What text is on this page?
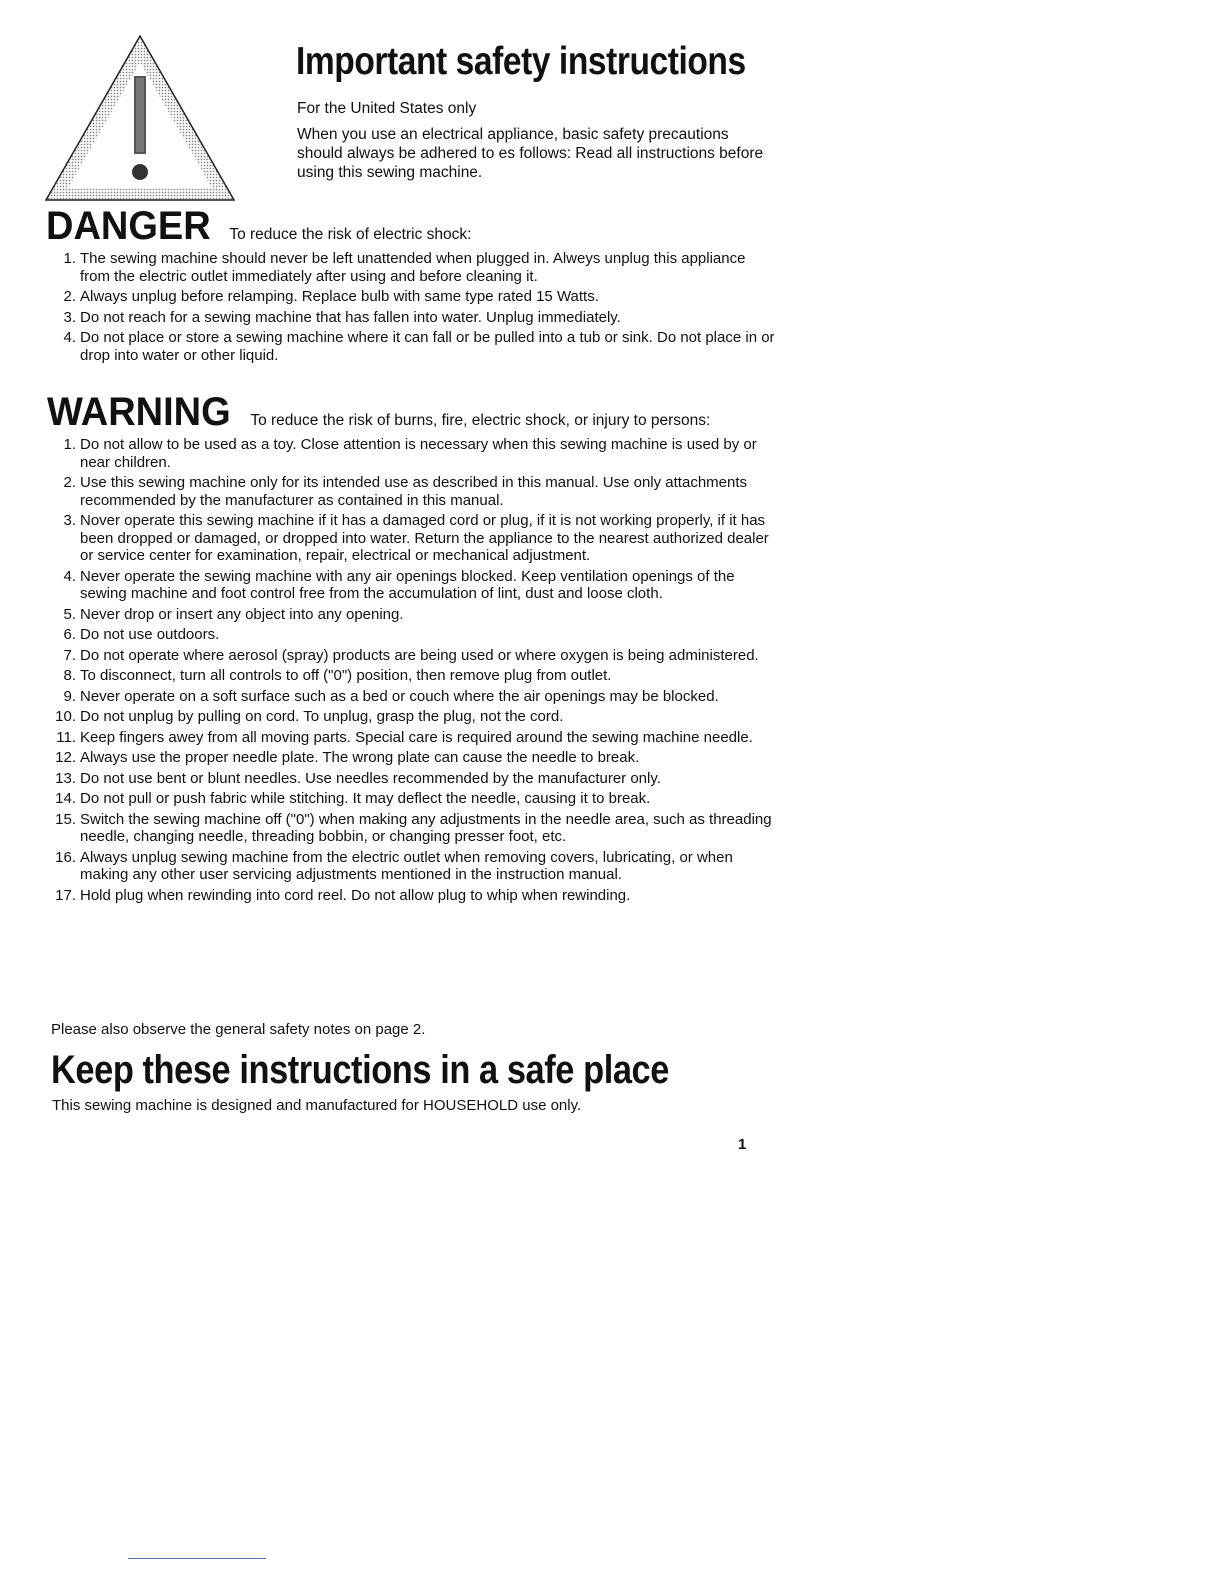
Important safety instructions

For the United States only

When you use an electrical appliance, basic safety precautions should always be adhered to es follows: Read all instructions before using this sewing machine.

DANGER To reduce the risk of electric shock:
1. The sewing machine should never be left unattended when plugged in. Alweys unplug this appliance from the electric outlet immediately after using and before cleaning it.
2. Always unplug before relamping. Replace bulb with same type rated 15 Watts.
3. Do not reach for a sewing machine that has fallen into water. Unplug immediately.
4. Do not place or store a sewing machine where it can fall or be pulled into a tub or sink. Do not place in or drop into water or other liquid.
WARNING To reduce the risk of burns, fire, electric shock, or injury to persons:
1. Do not allow to be used as a toy. Close attention is necessary when this sewing machine is used by or near children.
2. Use this sewing machine only for its intended use as described in this manual. Use only attachments recommended by the manufacturer as contained in this manual.
3. Nover operate this sewing machine if it has a damaged cord or plug, if it is not working properly, if it has been dropped or damaged, or dropped into water. Return the appliance to the nearest authorized dealer or service center for examination, repair, electrical or mechanical adjustment.
4. Never operate the sewing machine with any air openings blocked. Keep ventilation openings of the sewing machine and foot control free from the accumulation of lint, dust and loose cloth.
5. Never drop or insert any object into any opening.
6. Do not use outdoors.
7. Do not operate where aerosol (spray) products are being used or where oxygen is being administered.
8. To disconnect, turn all controls to off ("0") position, then remove plug from outlet.
9. Never operate on a soft surface such as a bed or couch where the air openings may be blocked.
10. Do not unplug by pulling on cord. To unplug, grasp the plug, not the cord.
11. Keep fingers awey from all moving parts. Special care is required around the sewing machine needle.
12. Always use the proper needle plate. The wrong plate can cause the needle to break.
13. Do not use bent or blunt needles. Use needles recommended by the manufacturer only.
14. Do not pull or push fabric while stitching. It may deflect the needle, causing it to break.
15. Switch the sewing machine off ("0") when making any adjustments in the needle area, such as threading needle, changing needle, threading bobbin, or changing presser foot, etc.
16. Always unplug sewing machine from the electric outlet when removing covers, lubricating, or when making any other user servicing adjustments mentioned in the instruction manual.
17. Hold plug when rewinding into cord reel. Do not allow plug to whip when rewinding.
Please also observe the general safety notes on page 2.
Keep these instructions in a safe place
This sewing machine is designed and manufactured for HOUSEHOLD use only.
1
